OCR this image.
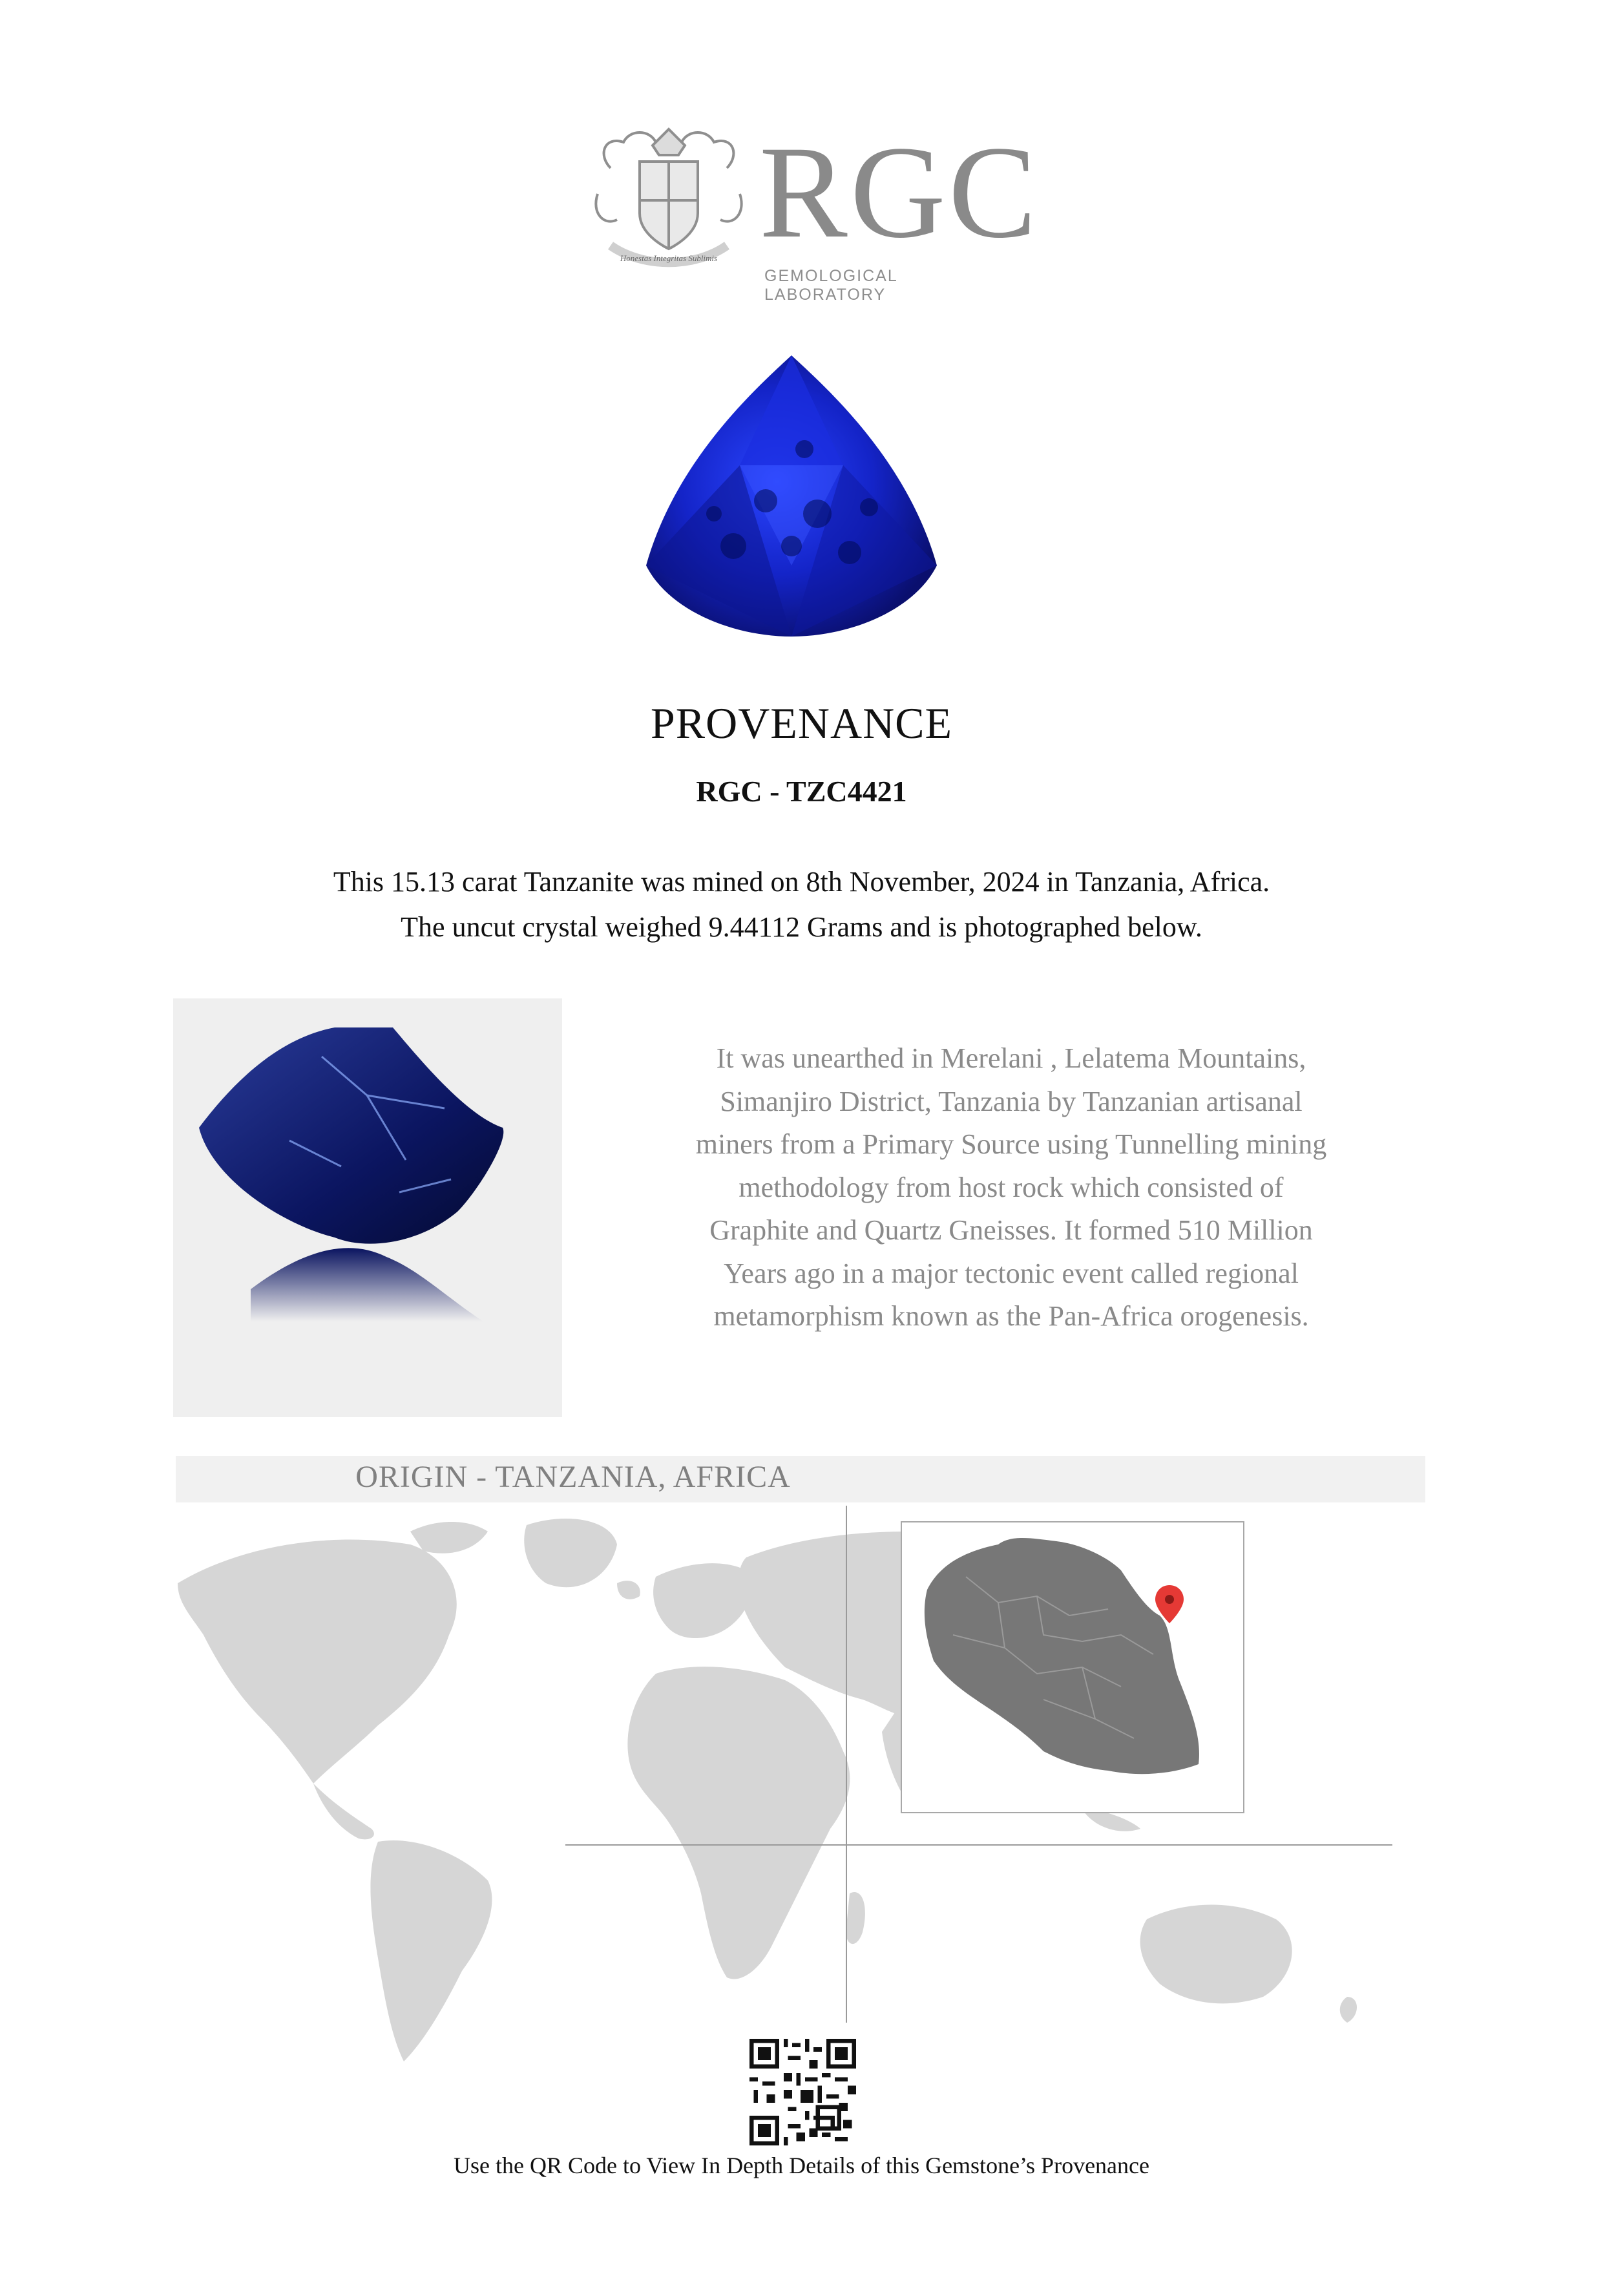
Honestas Integritas Sublimis RGC
GEMOLOGICAL LABORATORY
PROVENANCE
RGC - TZC4421
This 15.13 carat Tanzanite was mined on 8th November, 2024 in Tanzania, Africa.
The uncut crystal weighed 9.44112 Grams and is photographed below.
It was unearthed in Merelani , Lelatema Mountains,
Simanjiro District, Tanzania by Tanzanian artisanal
miners from a Primary Source using Tunnelling mining
methodology from host rock which consisted of
Graphite and Quartz Gneisses. It formed 510 Million
Years ago in a major tectonic event called regional
metamorphism known as the Pan-Africa orogenesis.
ORIGIN - TANZANIA, AFRICA
Use the QR Code to View In Depth Details of this Gemstone’s Provenance
